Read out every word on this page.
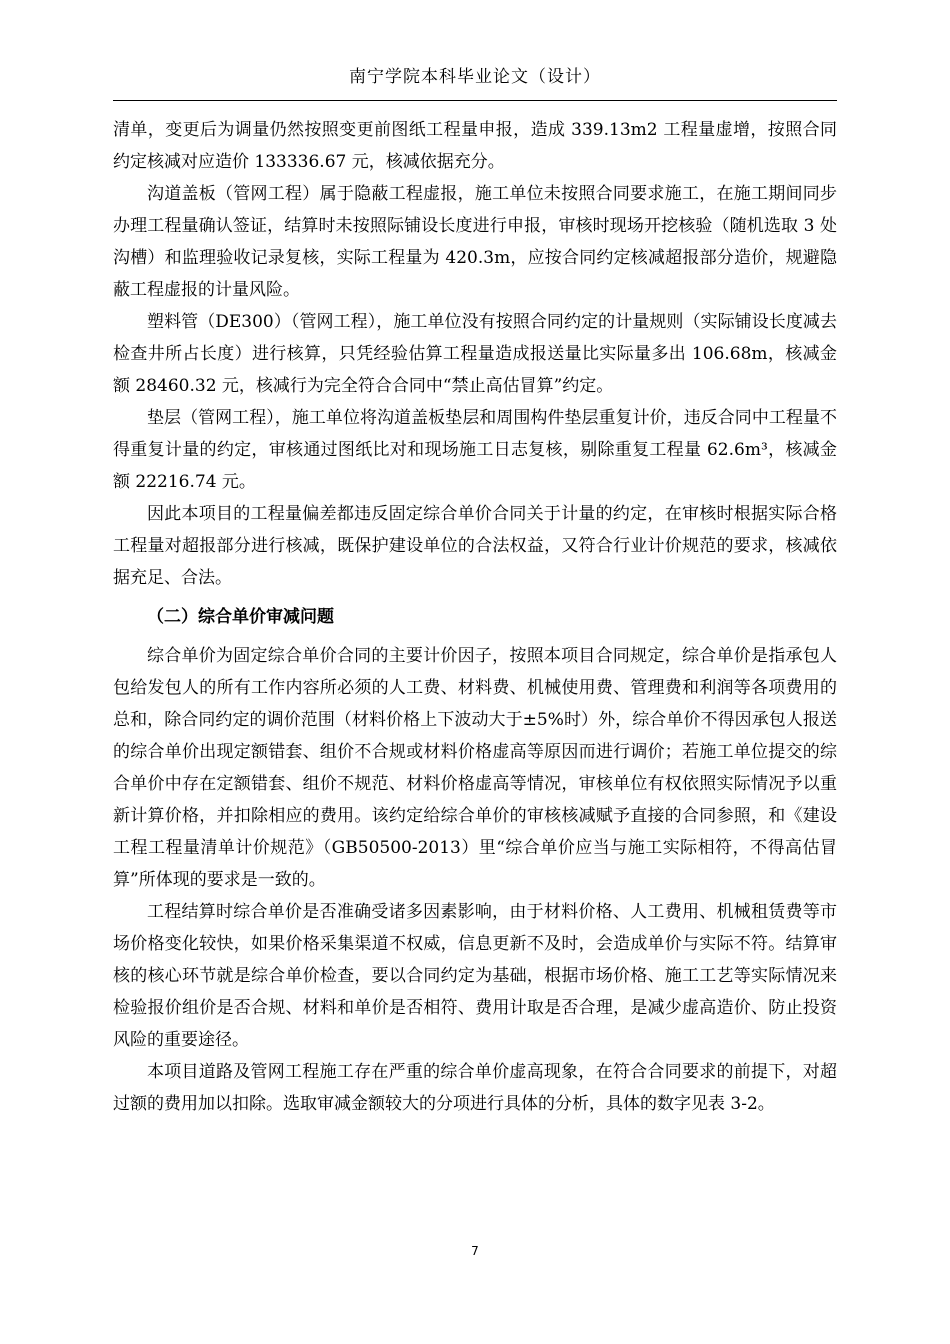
南宁学院本科毕业论文（设计）

清单，变更后为调量仍然按照变更前图纸工程量申报，造成 339.13m2 工程量虚增，按照合同约定核减对应造价 133336.67 元，核减依据充分。

沟道盖板（管网工程）属于隐蔽工程虚报，施工单位未按照合同要求施工，在施工期间同步办理工程量确认签证，结算时未按照际铺设长度进行申报，审核时现场开挖核验（随机选取 3 处沟槽）和监理验收记录复核，实际工程量为 420.3m，应按合同约定核减超报部分造价，规避隐蔽工程虚报的计量风险。

塑料管（DE300）（管网工程），施工单位没有按照合同约定的计量规则（实际铺设长度减去检查井所占长度）进行核算，只凭经验估算工程量造成报送量比实际量多出 106.68m，核减金额 28460.32 元，核减行为完全符合合同中“禁止高估冒算”约定。

垫层（管网工程），施工单位将沟道盖板垫层和周围构件垫层重复计价，违反合同中工程量不得重复计量的约定，审核通过图纸比对和现场施工日志复核，剔除重复工程量 62.6m³，核减金额 22216.74 元。

因此本项目的工程量偏差都违反固定综合单价合同关于计量的约定，在审核时根据实际合格工程量对超报部分进行核减，既保护建设单位的合法权益，又符合行业计价规范的要求，核减依据充足、合法。

（二）综合单价审减问题

综合单价为固定综合单价合同的主要计价因子，按照本项目合同规定，综合单价是指承包人包给发包人的所有工作内容所必须的人工费、材料费、机械使用费、管理费和利润等各项费用的总和，除合同约定的调价范围（材料价格上下波动大于±5%时）外，综合单价不得因承包人报送的综合单价出现定额错套、组价不合规或材料价格虚高等原因而进行调价；若施工单位提交的综合单价中存在定额错套、组价不规范、材料价格虚高等情况，审核单位有权依照实际情况予以重新计算价格，并扣除相应的费用。该约定给综合单价的审核核减赋予直接的合同参照，和《建设工程工程量清单计价规范》（GB50500-2013）里“综合单价应当与施工实际相符，不得高估冒算”所体现的要求是一致的。

工程结算时综合单价是否准确受诸多因素影响，由于材料价格、人工费用、机械租赁费等市场价格变化较快，如果价格采集渠道不权威，信息更新不及时，会造成单价与实际不符。结算审核的核心环节就是综合单价检查，要以合同约定为基础，根据市场价格、施工工艺等实际情况来检验报价组价是否合规、材料和单价是否相符、费用计取是否合理，是减少虚高造价、防止投资风险的重要途径。

本项目道路及管网工程施工存在严重的综合单价虚高现象，在符合合同要求的前提下，对超过额的费用加以扣除。选取审减金额较大的分项进行具体的分析，具体的数字见表 3-2。

7
